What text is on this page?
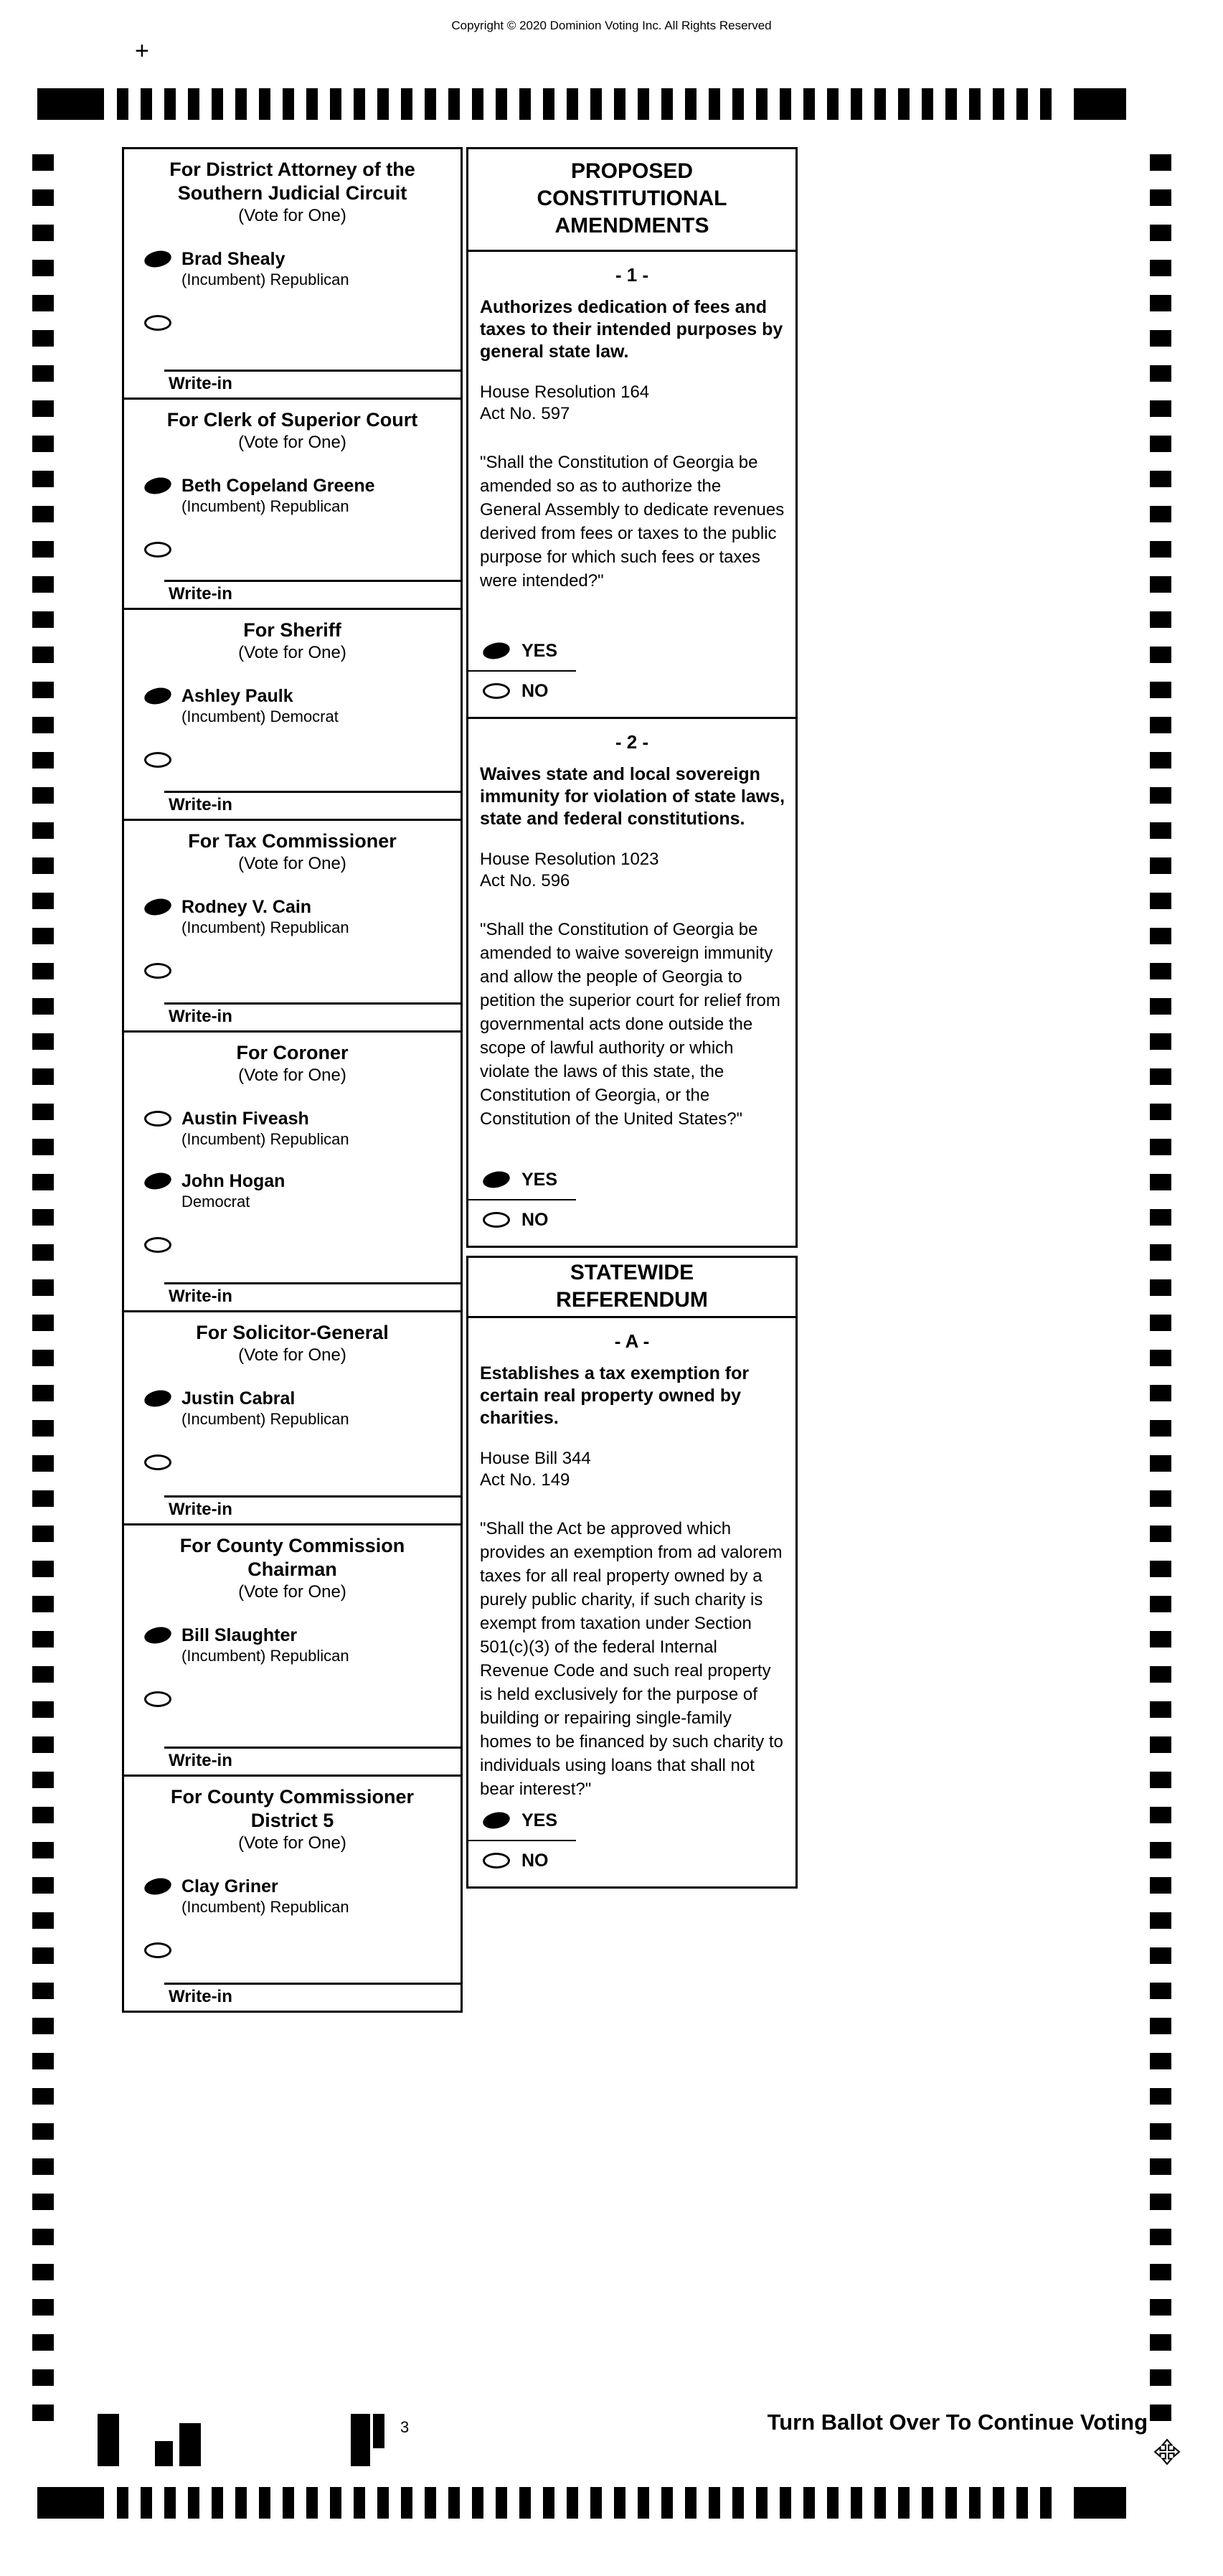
Copyright © 2020 Dominion Voting Inc. All Rights Reserved
+
For District Attorney of the
Southern Judicial Circuit
(Vote for One)
Brad Shealy
(Incumbent) Republican
Write-in
For Clerk of Superior Court
(Vote for One)
Beth Copeland Greene
(Incumbent) Republican
Write-in
For Sheriff
(Vote for One)
Ashley Paulk
(Incumbent) Democrat
Write-in
For Tax Commissioner
(Vote for One)
Rodney V. Cain
(Incumbent) Republican
Write-in
For Coroner
(Vote for One)
Austin Fiveash
(Incumbent) Republican
John Hogan
Democrat
Write-in
For Solicitor-General
(Vote for One)
Justin Cabral
(Incumbent) Republican
Write-in
For County Commission
Chairman
(Vote for One)
Bill Slaughter
(Incumbent) Republican
Write-in
For County Commissioner
District 5
(Vote for One)
Clay Griner
(Incumbent) Republican
Write-in
PROPOSED
CONSTITUTIONAL
AMENDMENTS
- 1 -
Authorizes dedication of fees and taxes to their intended purposes by general state law.
House Resolution 164
Act No. 597
"Shall the Constitution of Georgia be amended so as to authorize the General Assembly to dedicate revenues derived from fees or taxes to the public purpose for which such fees or taxes were intended?"
YES
NO
- 2 -
Waives state and local sovereign immunity for violation of state laws, state and federal constitutions.
House Resolution 1023
Act No. 596
"Shall the Constitution of Georgia be amended to waive sovereign immunity and allow the people of Georgia to petition the superior court for relief from governmental acts done outside the scope of lawful authority or which violate the laws of this state, the Constitution of Georgia, or the Constitution of the United States?"
YES
NO
STATEWIDE
REFERENDUM
- A -
Establishes a tax exemption for certain real property owned by charities.
House Bill 344
Act No. 149
"Shall the Act be approved which provides an exemption from ad valorem taxes for all real property owned by a purely public charity, if such charity is exempt from taxation under Section 501(c)(3) of the federal Internal Revenue Code and such real property is held exclusively for the purpose of building or repairing single-family homes to be financed by such charity to individuals using loans that shall not bear interest?"
YES
NO
Turn Ballot Over To Continue Voting
3
